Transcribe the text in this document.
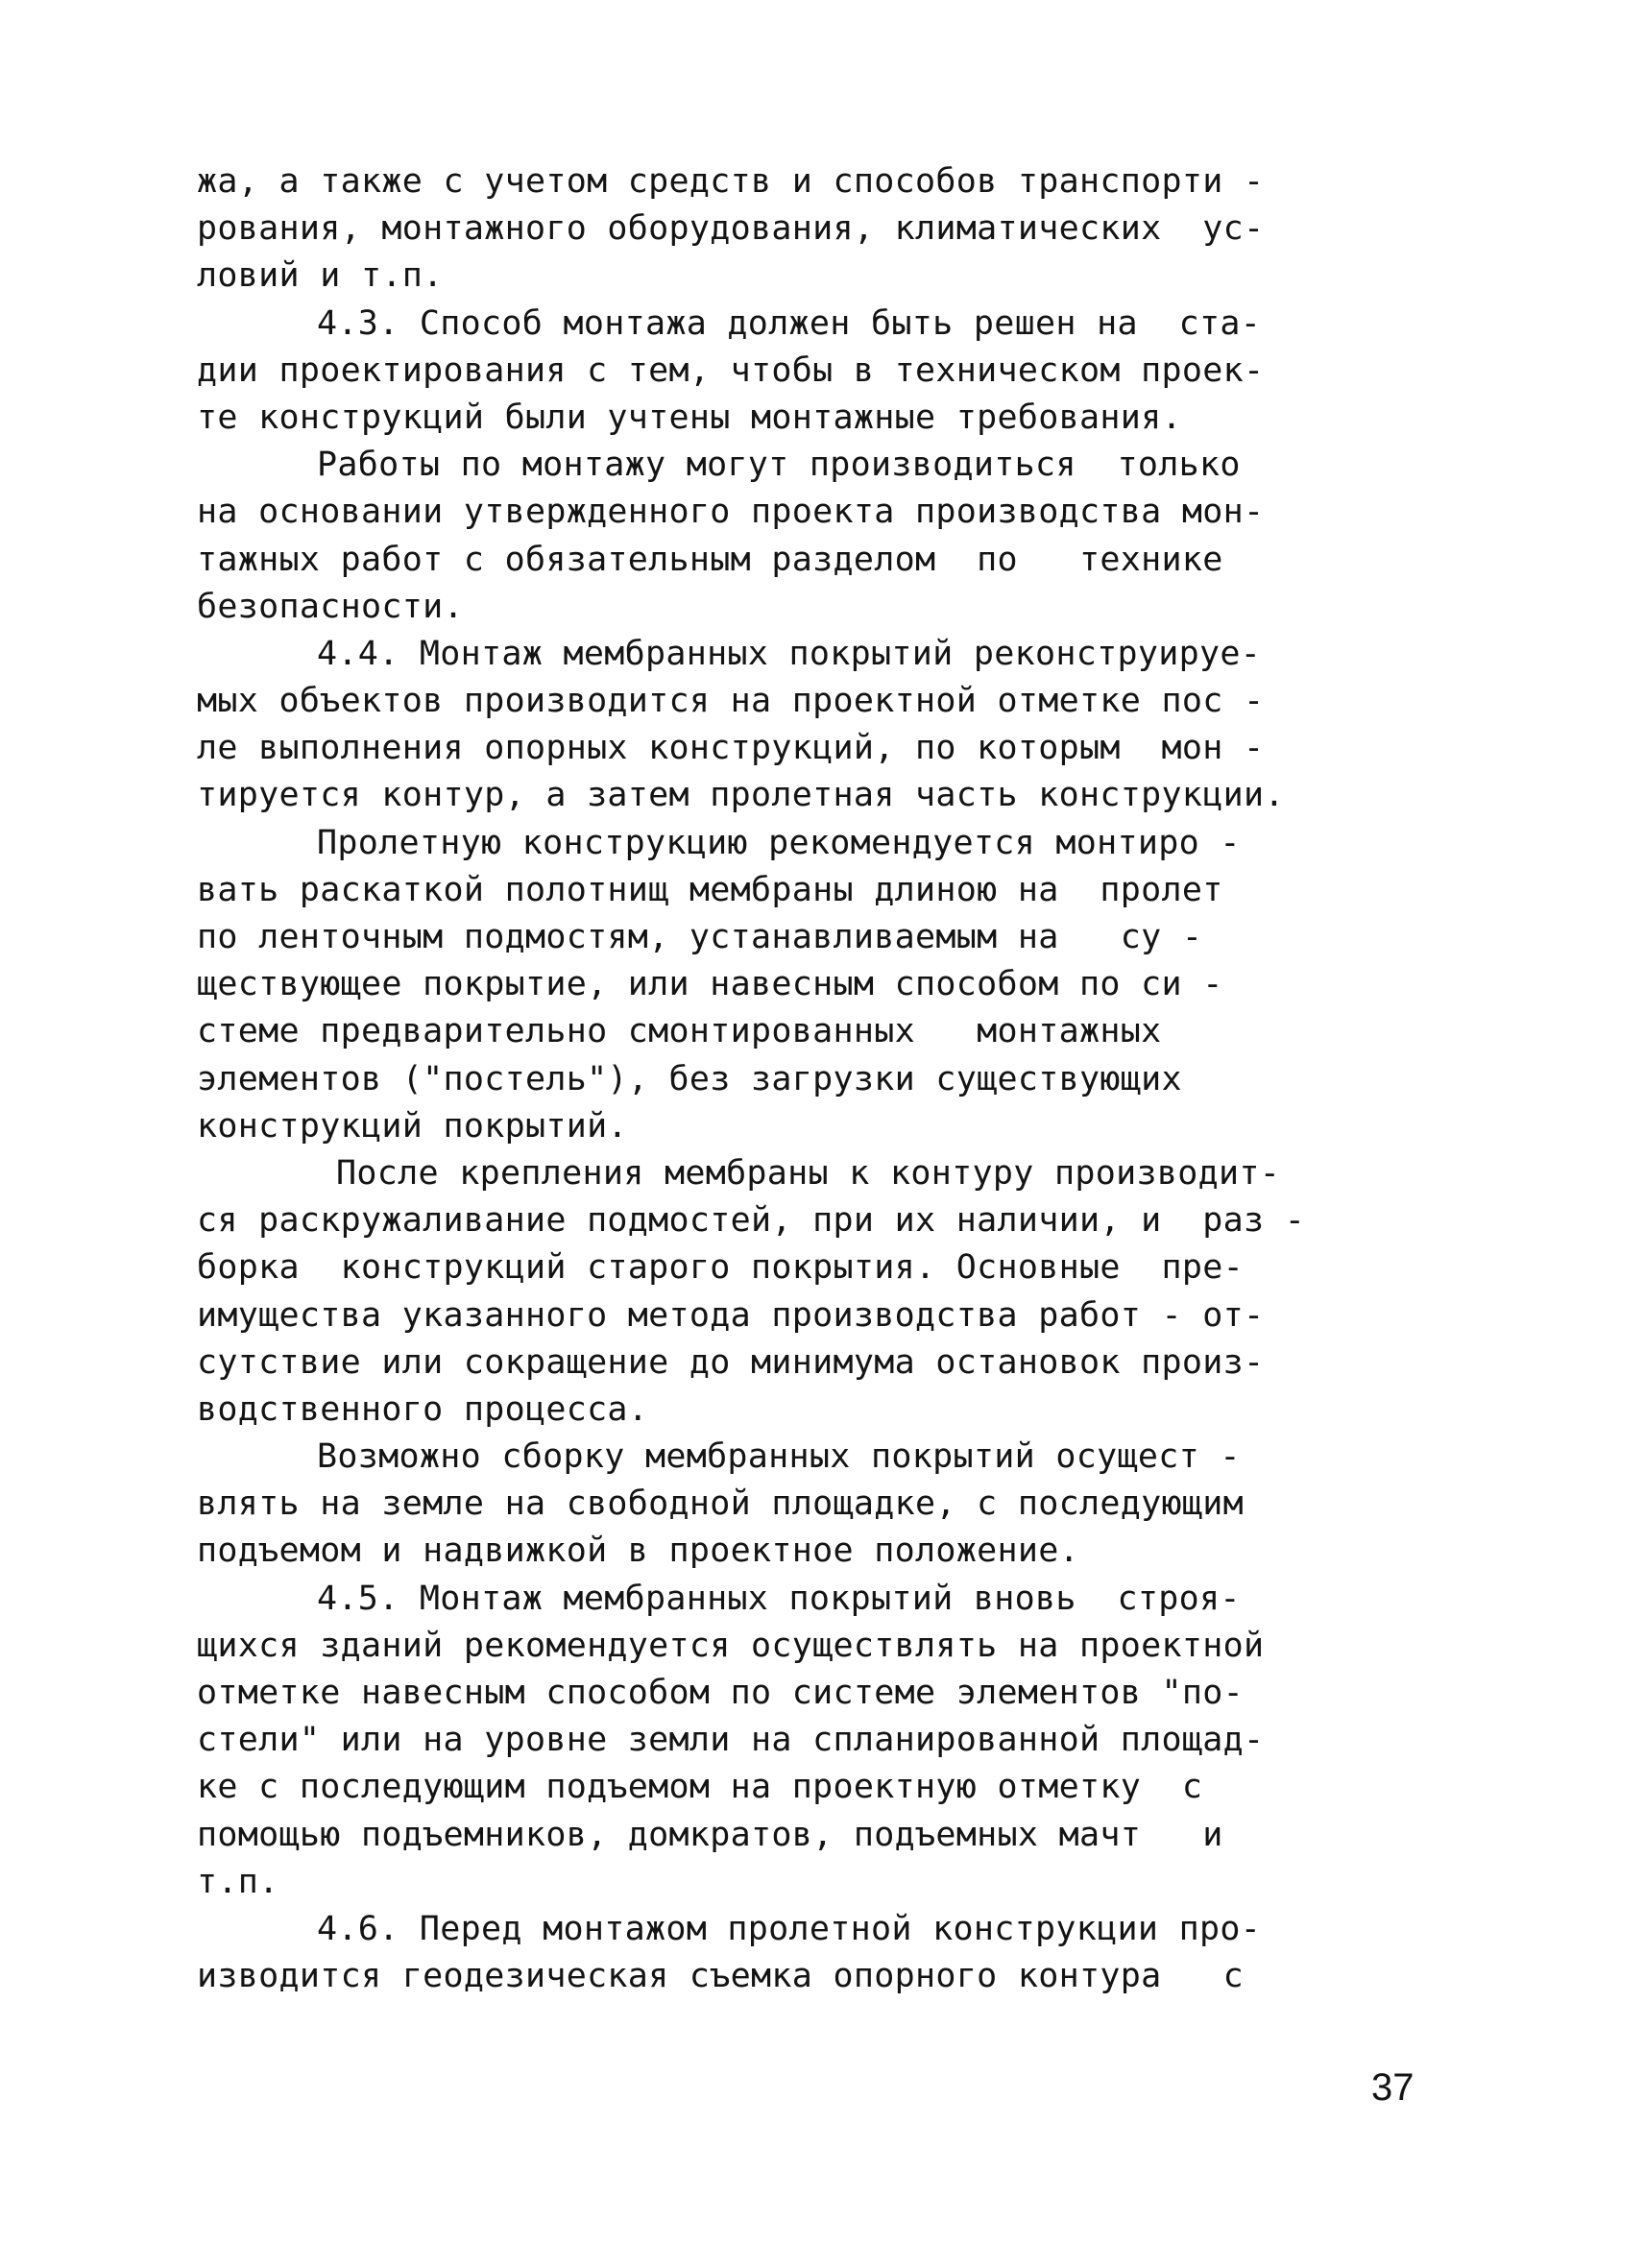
жа, а также с учетом средств и способов транспорти -
рования, монтажного оборудования, климатических  ус-
ловий и т.п.
4.3. Способ монтажа должен быть решен на  ста-
дии проектирования с тем, чтобы в техническом проек-
те конструкций были учтены монтажные требования.
Работы по монтажу могут производиться  только
на основании утвержденного проекта производства мон-
тажных работ с обязательным разделом  по   технике
безопасности.
4.4. Монтаж мембранных покрытий реконструируе-
мых объектов производится на проектной отметке пос -
ле выполнения опорных конструкций, по которым  мон -
тируется контур, а затем пролетная часть конструкции.
Пролетную конструкцию рекомендуется монтиро -
вать раскаткой полотнищ мембраны длиною на  пролет
по ленточным подмостям, устанавливаемым на   су -
ществующее покрытие, или навесным способом по си -
стеме предварительно смонтированных   монтажных
элементов ("постель"), без загрузки существующих
конструкций покрытий.
После крепления мембраны к контуру производит-
ся раскружаливание подмостей, при их наличии, и  раз -
борка  конструкций старого покрытия. Основные  пре-
имущества указанного метода производства работ - от-
сутствие или сокращение до минимума остановок произ-
водственного процесса.
Возможно сборку мембранных покрытий осущест -
влять на земле на свободной площадке, с последующим
подъемом и надвижкой в проектное положение.
4.5. Монтаж мембранных покрытий вновь  строя-
щихся зданий рекомендуется осуществлять на проектной
отметке навесным способом по системе элементов "по-
стели" или на уровне земли на спланированной площад-
ке с последующим подъемом на проектную отметку  с
помощью подъемников, домкратов, подъемных мачт   и
т.п.
4.6. Перед монтажом пролетной конструкции про-
изводится геодезическая съемка опорного контура   с
37
